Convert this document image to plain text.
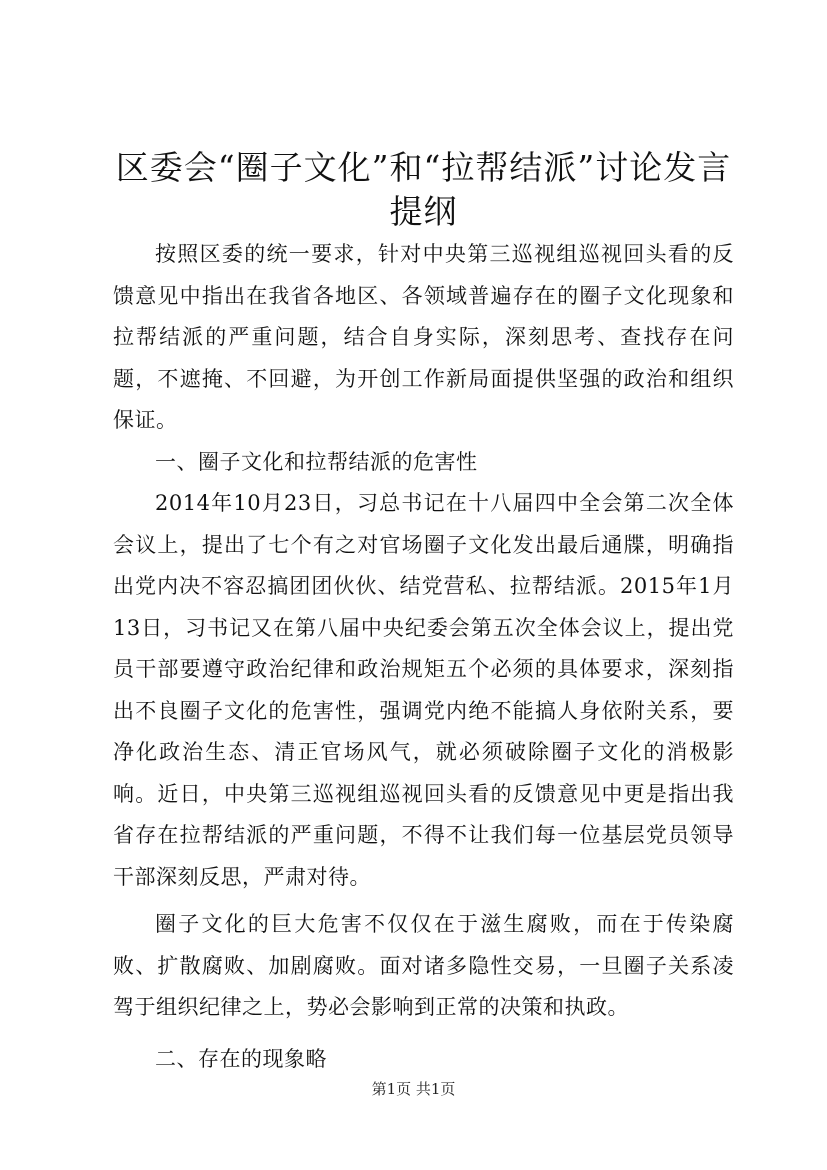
区委会“圈子文化”和“拉帮结派”讨论发言提纲

按照区委的统一要求，针对中央第三巡视组巡视回头看的反馈意见中指出在我省各地区、各领域普遍存在的圈子文化现象和拉帮结派的严重问题，结合自身实际，深刻思考、查找存在问题，不遮掩、不回避，为开创工作新局面提供坚强的政治和组织保证。

一、圈子文化和拉帮结派的危害性

2014年10月23日，习总书记在十八届四中全会第二次全体会议上，提出了七个有之对官场圈子文化发出最后通牒，明确指出党内决不容忍搞团团伙伙、结党营私、拉帮结派。2015年1月13日，习书记又在第八届中央纪委会第五次全体会议上，提出党员干部要遵守政治纪律和政治规矩五个必须的具体要求，深刻指出不良圈子文化的危害性，强调党内绝不能搞人身依附关系，要净化政治生态、清正官场风气，就必须破除圈子文化的消极影响。近日，中央第三巡视组巡视回头看的反馈意见中更是指出我省存在拉帮结派的严重问题，不得不让我们每一位基层党员领导干部深刻反思，严肃对待。

圈子文化的巨大危害不仅仅在于滋生腐败，而在于传染腐败、扩散腐败、加剧腐败。面对诸多隐性交易，一旦圈子关系凌驾于组织纪律之上，势必会影响到正常的决策和执政。

二、存在的现象略

第1页 共1页
